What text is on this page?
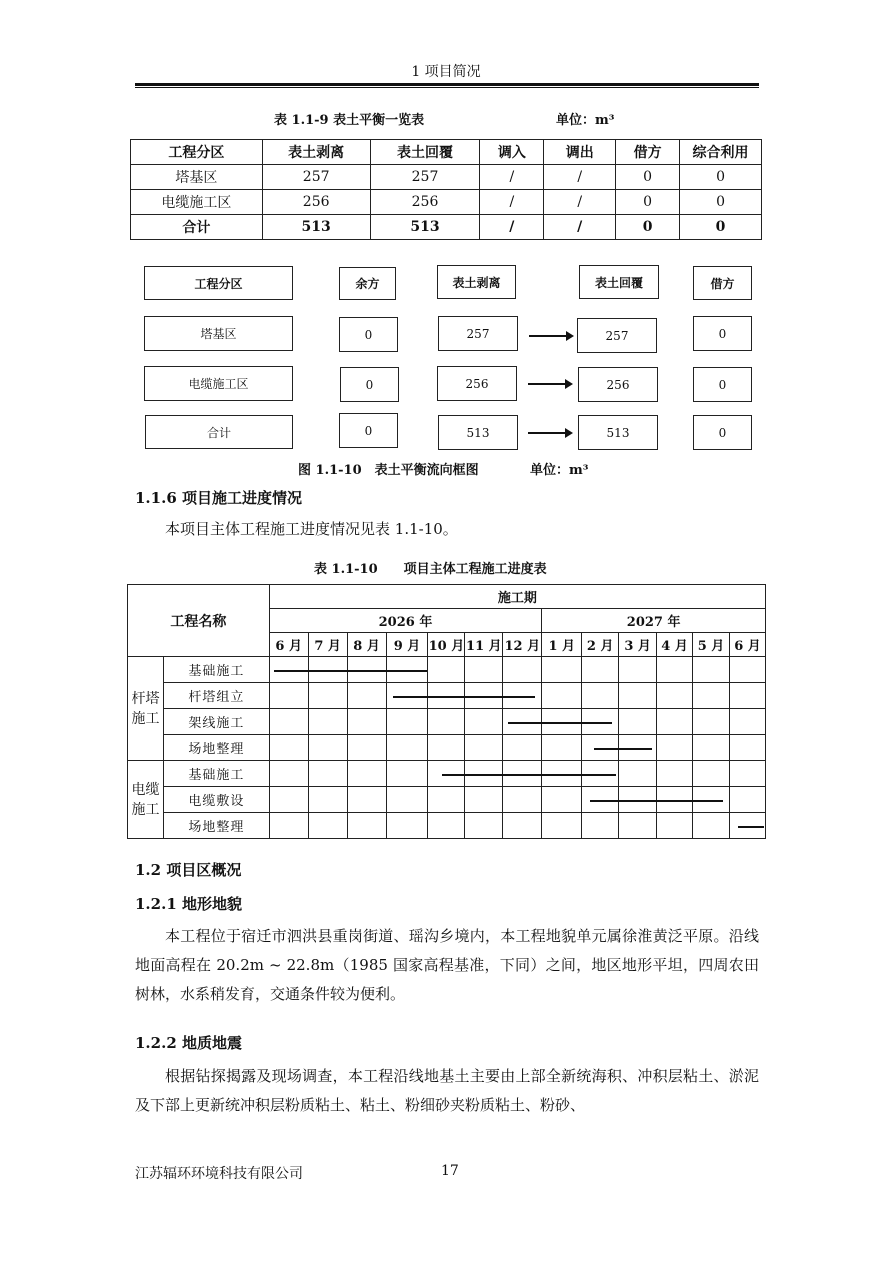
1 项目简况
表 1.1-9 表土平衡一览表	单位：m³
工程分区	表土剥离	表土回覆	调入	调出	借方	综合利用
塔基区	257	257	/	/	0	0
电缆施工区	256	256	/	/	0	0
合计	513	513	/	/	0	0
工程分区	余方	表土剥离	表土回覆	借方
塔基区	0	257	257	0
电缆施工区	0	256	256	0
合计	0	513	513	0
图 1.1-10　表土平衡流向框图	单位：m³
1.1.6 项目施工进度情况
本项目主体工程施工进度情况见表 1.1-10。
表 1.1-10　　项目主体工程施工进度表
工程名称		施工期												
		2026 年							2027 年					
		6 月	7 月	8 月	9 月	10 月	11 月	12 月	1 月	2 月	3 月	4 月	5 月	6 月

杆塔
施工	基础施工													
	杆塔组立													
	架线施工													
	场地整理													

电缆
施工	基础施工													
	电缆敷设													
	场地整理													
1.2 项目区概况
1.2.1 地形地貌
本工程位于宿迁市泗洪县重岗街道、瑶沟乡境内，本工程地貌单元属徐淮黄泛平原。沿线地面高程在 20.2m ~ 22.8m（1985 国家高程基准，下同）之间，地区地形平坦，四周农田树林，水系稍发育，交通条件较为便利。
1.2.2 地质地震
根据钻探揭露及现场调查，本工程沿线地基土主要由上部全新统海积、冲积层粘土、淤泥及下部上更新统冲积层粉质粘土、粘土、粉细砂夹粉质粘土、粉砂、
江苏辐环环境科技有限公司	17
